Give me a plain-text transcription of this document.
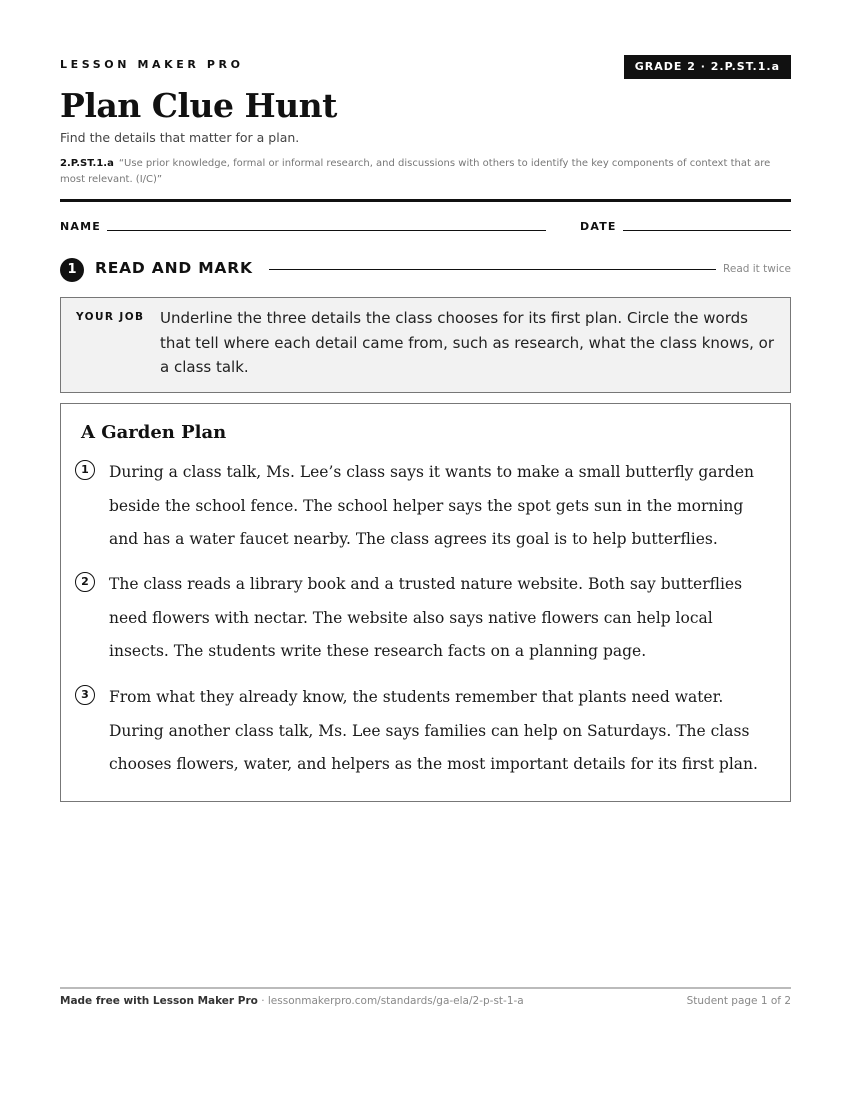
LESSON MAKER PRO	GRADE 2 · 2.P.ST.1.a
Plan Clue Hunt
Find the details that matter for a plan.
2.P.ST.1.a “Use prior knowledge, formal or informal research, and discussions with others to identify the key components of context that are most relevant. (I/C)”
NAME	DATE
1	READ AND MARK	Read it twice
YOUR JOB Underline the three details the class chooses for its first plan. Circle the words that tell where each detail came from, such as research, what the class knows, or a class talk.
A Garden Plan
1	During a class talk, Ms. Lee’s class says it wants to make a small butterfly garden beside the school fence. The school helper says the spot gets sun in the morning and has a water faucet nearby. The class agrees its goal is to help butterflies.
2	The class reads a library book and a trusted nature website. Both say butterflies need flowers with nectar. The website also says native flowers can help local insects. The students write these research facts on a planning page.
3	From what they already know, the students remember that plants need water. During another class talk, Ms. Lee says families can help on Saturdays. The class chooses flowers, water, and helpers as the most important details for its first plan.
Made free with Lesson Maker Pro · lessonmakerpro.com/standards/ga-ela/2-p-st-1-a	Student page 1 of 2
